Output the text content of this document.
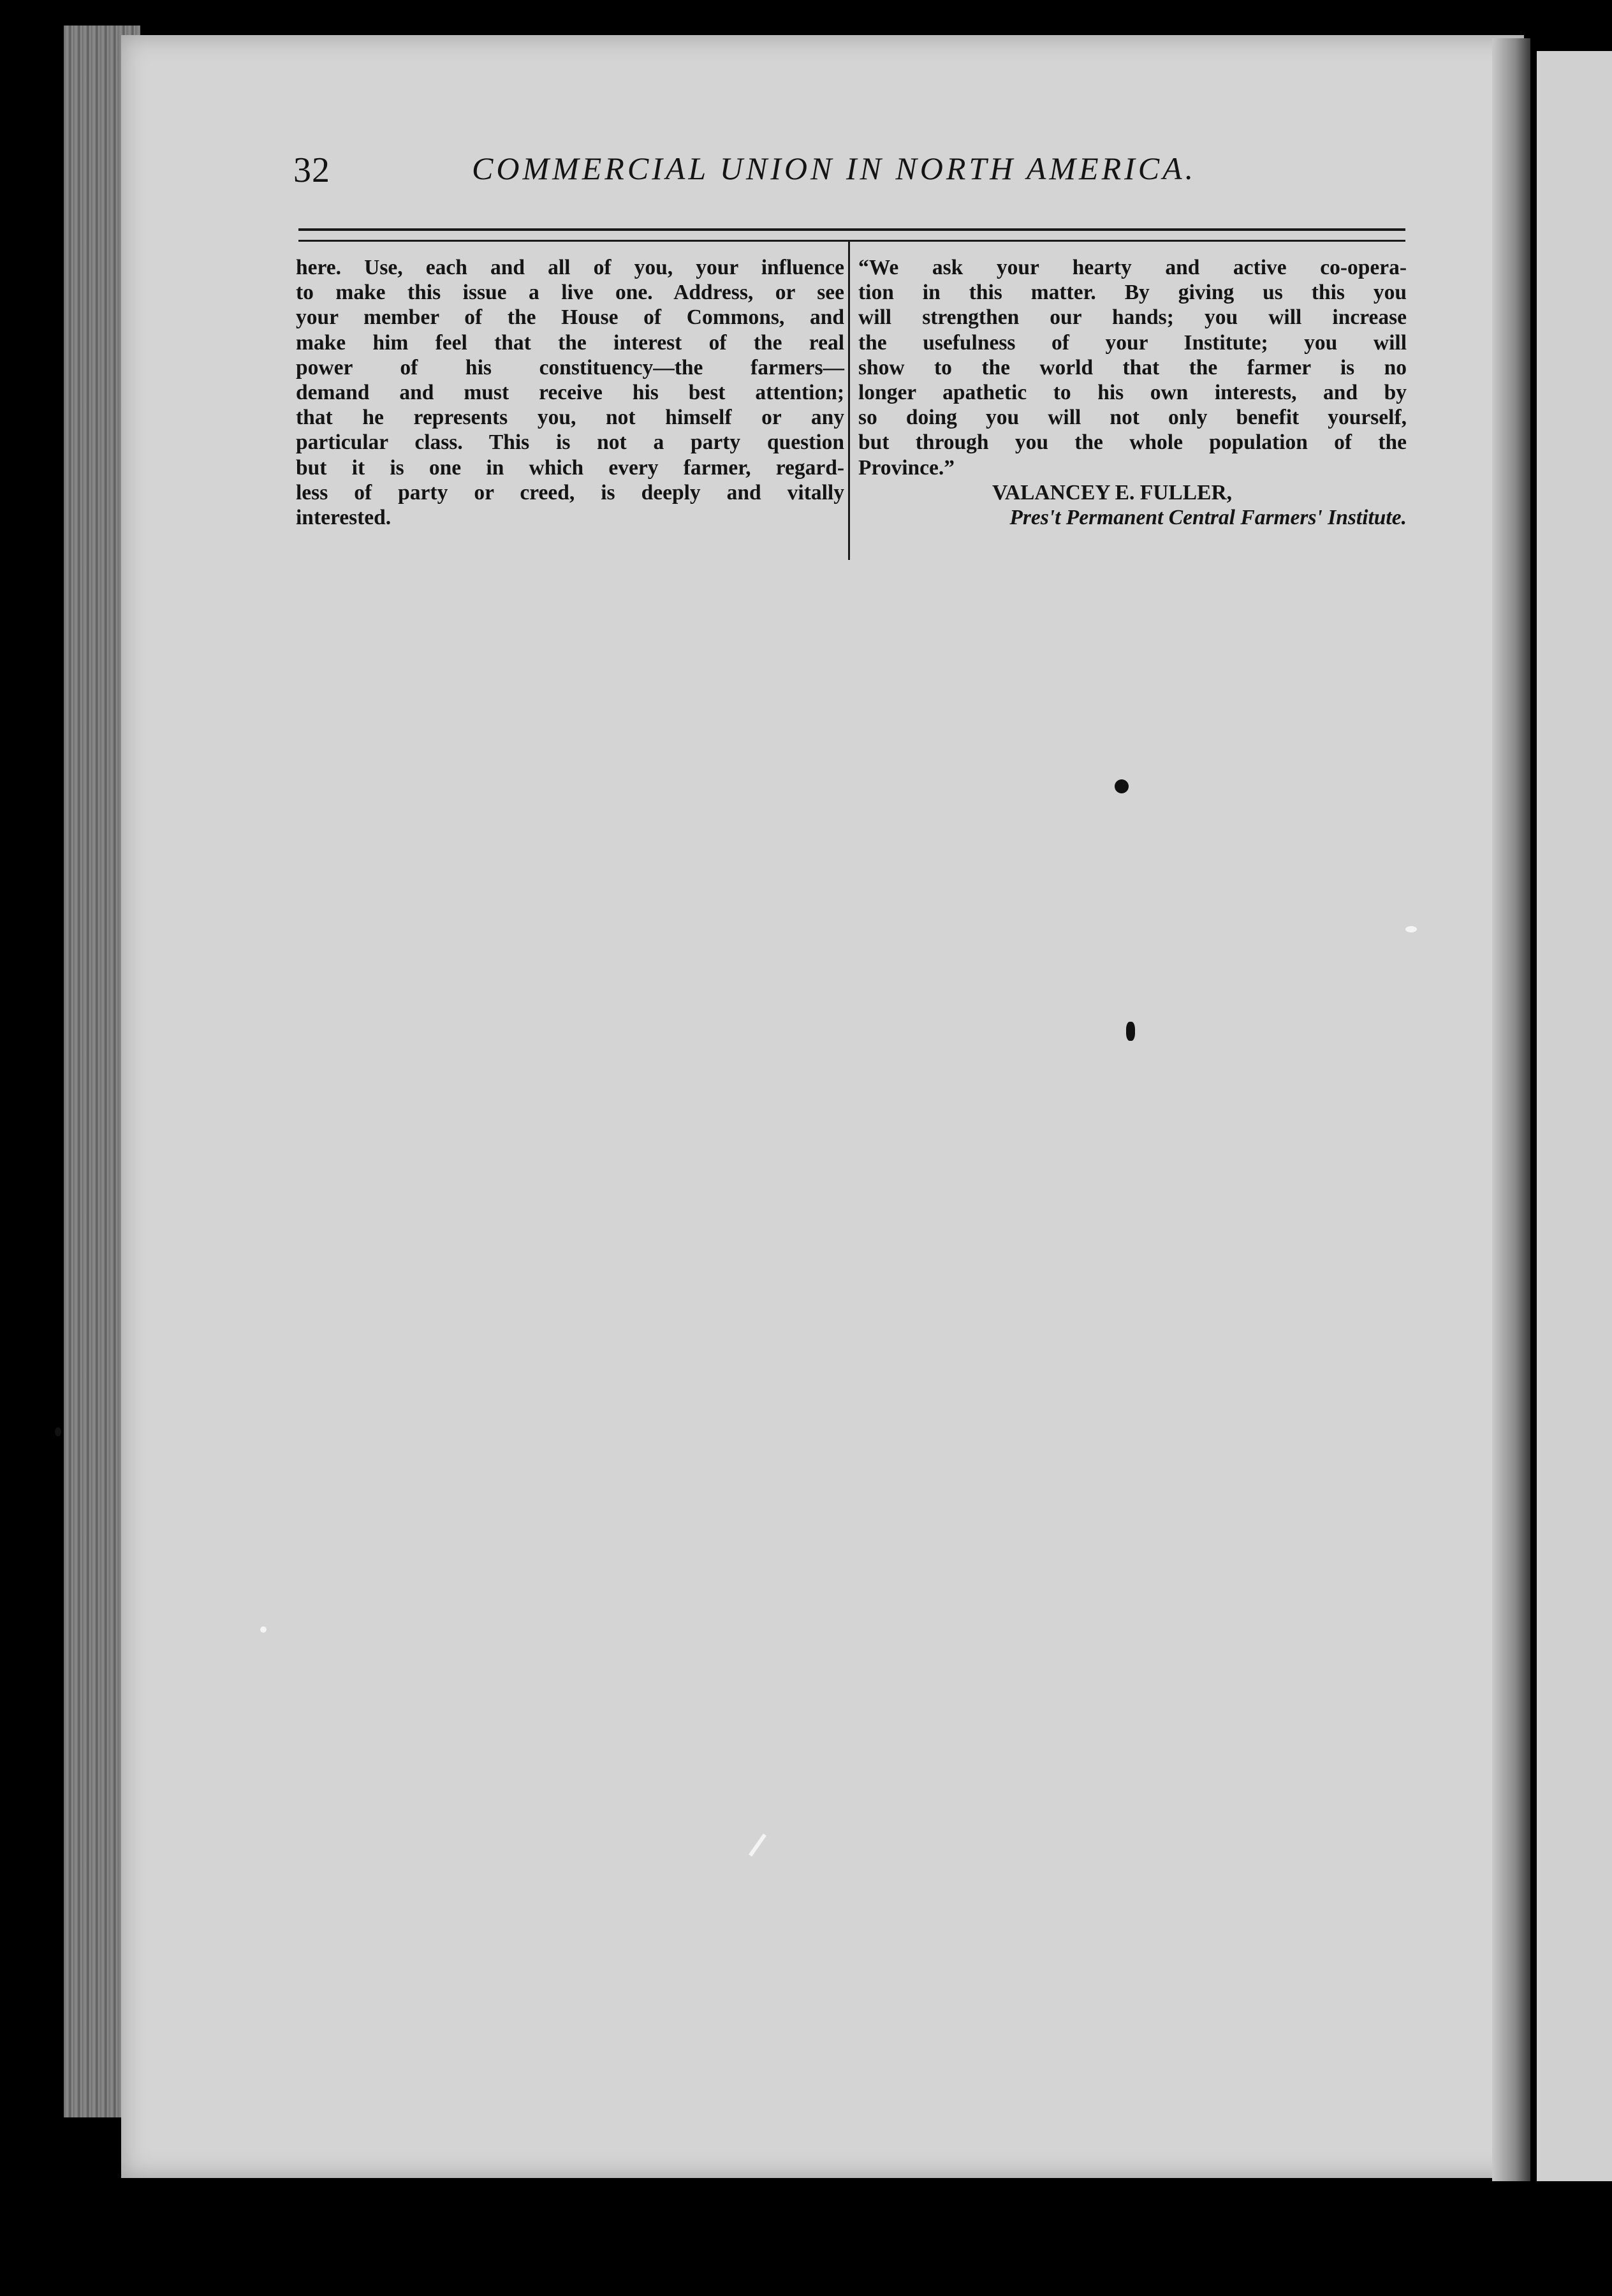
32	COMMERCIAL UNION IN NORTH AMERICA.
here. Use, each and all of you, your influence
to make this issue a live one. Address, or see
your member of the House of Commons, and
make him feel that the interest of the real
power of his constituency—the farmers—
demand and must receive his best attention;
that he represents you, not himself or any
particular class. This is not a party question
but it is one in which every farmer, regard-
less of party or creed, is deeply and vitally
interested.
“We ask your hearty and active co-opera-
tion in this matter. By giving us this you
will strengthen our hands; you will increase
the usefulness of your Institute; you will
show to the world that the farmer is no
longer apathetic to his own interests, and by
so doing you will not only benefit yourself,
but through you the whole population of the
Province.”
VALANCEY E. FULLER,
Pres't Permanent Central Farmers' Institute.
